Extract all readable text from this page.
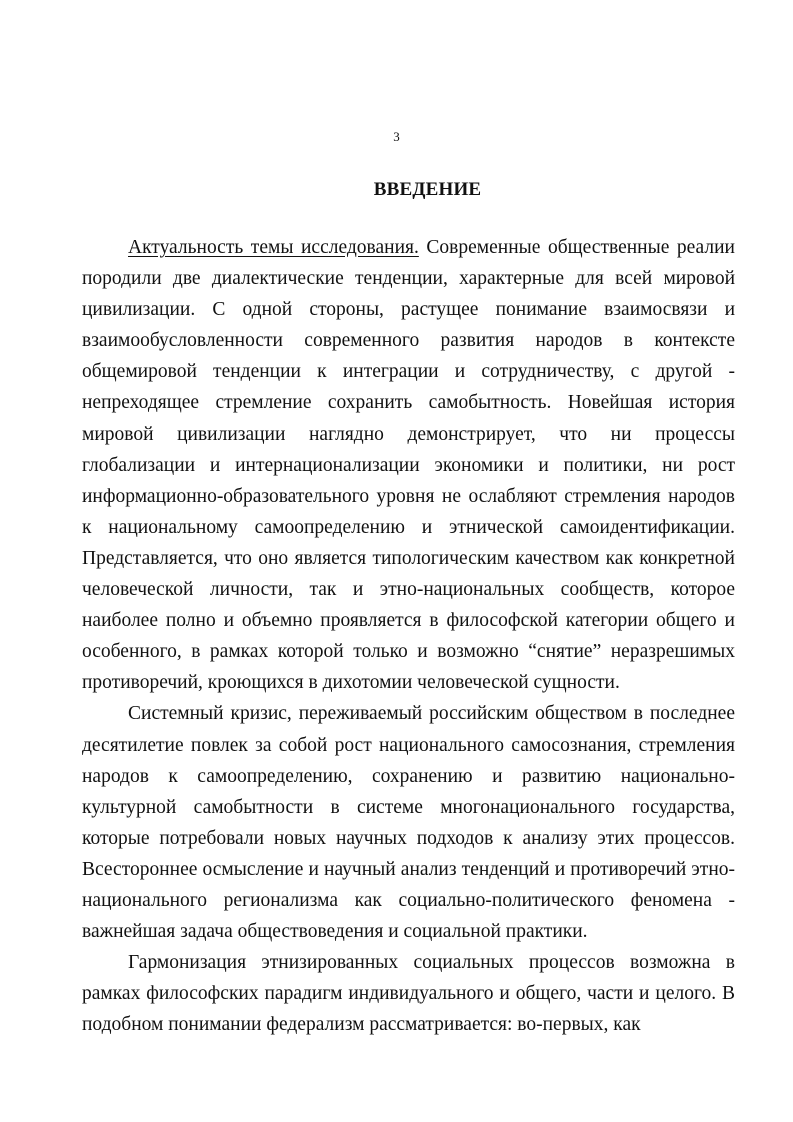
3
ВВЕДЕНИЕ

Актуальность темы исследования. Современные общественные реалии породили две диалектические тенденции, характерные для всей мировой цивилизации. С одной стороны, растущее понимание взаимосвязи и взаимообусловленности современного развития народов в контексте общемировой тенденции к интеграции и сотрудничеству, с другой - непреходящее стремление сохранить самобытность. Новейшая история мировой цивилизации наглядно демонстрирует, что ни процессы глобализации и интернационализации экономики и политики, ни рост информационно-образовательного уровня не ослабляют стремления народов к национальному самоопределению и этнической самоидентификации. Представляется, что оно является типологическим качеством как конкретной человеческой личности, так и этно-национальных сообществ, которое наиболее полно и объемно проявляется в философской категории общего и особенного, в рамках которой только и возможно “снятие” неразрешимых противоречий, кроющихся в дихотомии человеческой сущности.

Системный кризис, переживаемый российским обществом в последнее десятилетие повлек за собой рост национального самосознания, стремления народов к самоопределению, сохранению и развитию национально-культурной самобытности в системе многонационального государства, которые потребовали новых научных подходов к анализу этих процессов. Всестороннее осмысление и научный анализ тенденций и противоречий этно-национального регионализма как социально-политического феномена - важнейшая задача обществоведения и социальной практики.

Гармонизация этнизированных социальных процессов возможна в рамках философских парадигм индивидуального и общего, части и целого. В подобном понимании федерализм рассматривается: во-первых, как
